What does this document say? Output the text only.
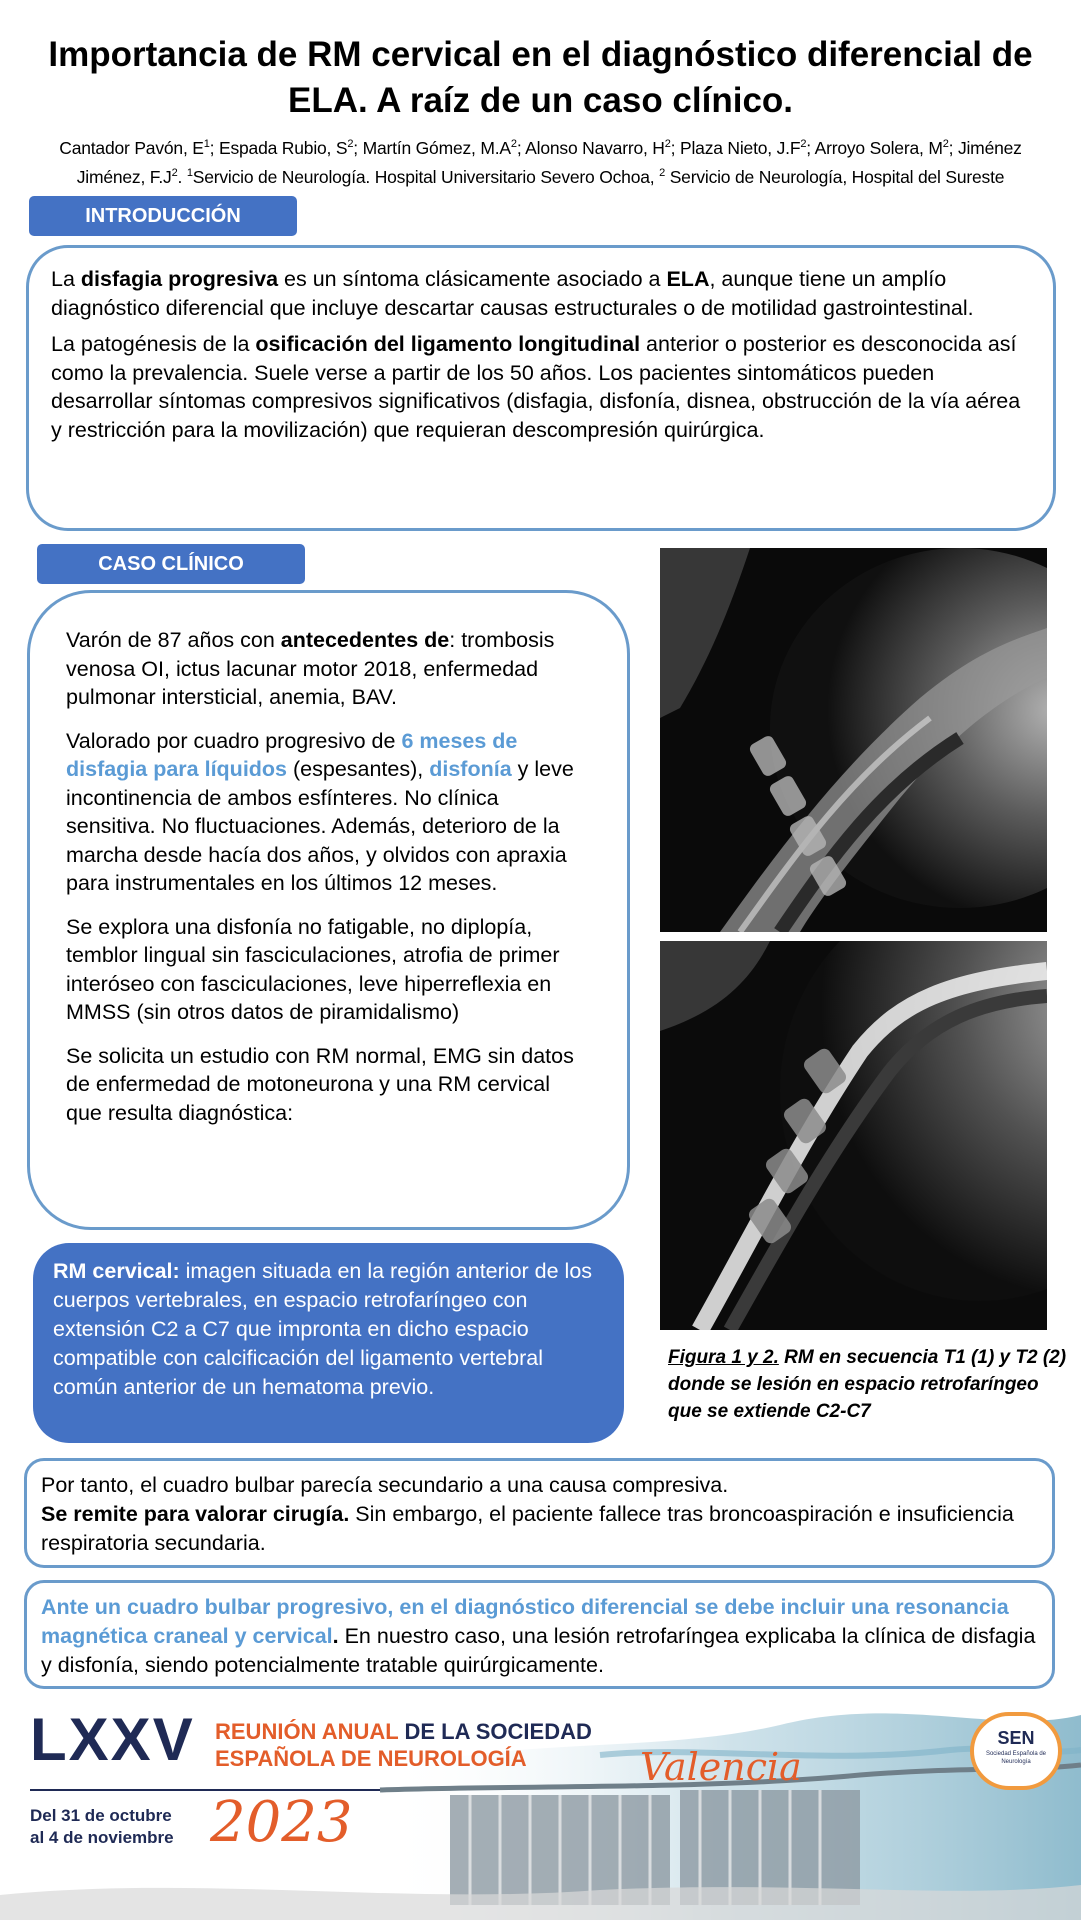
Importancia de RM cervical en el diagnóstico diferencial de
ELA. A raíz de un caso clínico.
Cantador Pavón, $E^1$; Espada Rubio, $S^2$; Martín Gómez, $M.A^2$; Alonso Navarro, $H^2$; Plaza Nieto, $J.F^2$; Arroyo Solera, $M^2$; Jiménez Jiménez, $F.J^2$. $^1$Servicio de Neurología. Hospital Universitario Severo Ochoa, $^2$ Servicio de Neurología, Hospital del Sureste
INTRODUCCIÓN

La disfagia progresiva es un síntoma clásicamente asociado a ELA, aunque tiene un amplío diagnóstico diferencial que incluye descartar causas estructurales o de motilidad gastrointestinal.

La patogénesis de la osificación del ligamento longitudinal anterior o posterior es desconocida así como la prevalencia. Suele verse a partir de los 50 años. Los pacientes sintomáticos pueden desarrollar síntomas compresivos significativos (disfagia, disfonía, disnea, obstrucción de la vía aérea y restricción para la movilización) que requieran descompresión quirúrgica.

CASO CLÍNICO

Varón de 87 años con antecedentes de: trombosis venosa OI, ictus lacunar motor 2018, enfermedad pulmonar intersticial, anemia, BAV.

Valorado por cuadro progresivo de 6 meses de disfagia para líquidos (espesantes), disfonía y leve incontinencia de ambos esfínteres. No clínica sensitiva. No fluctuaciones. Además, deterioro de la marcha desde hacía dos años, y olvidos con apraxia para instrumentales en los últimos 12 meses.

Se explora una disfonía no fatigable, no diplopía, temblor lingual sin fasciculaciones, atrofia de primer interóseo con fasciculaciones, leve hiperreflexia en MMSS (sin otros datos de piramidalismo)

Se solicita un estudio con RM normal, EMG sin datos de enfermedad de motoneurona y una RM cervical que resulta diagnóstica:

RM cervical: imagen situada en la región anterior de los cuerpos vertebrales, en espacio retrofaríngeo con extensión C2 a C7 que impronta en dicho espacio compatible con calcificación del ligamento vertebral común anterior de un hematoma previo.
Figura 1 y 2. RM en secuencia T1 (1) y T2 (2) donde se lesión en espacio retrofaríngeo que se extiende C2-C7
Por tanto, el cuadro bulbar parecía secundario a una causa compresiva.
Se remite para valorar cirugía. Sin embargo, el paciente fallece tras broncoaspiración e insuficiencia respiratoria secundaria.
Ante un cuadro bulbar progresivo, en el diagnóstico diferencial se debe incluir una resonancia magnética craneal y cervical. En nuestro caso, una lesión retrofaríngea explicaba la clínica de disfagia y disfonía, siendo potencialmente tratable quirúrgicamente.
LXXV REUNIÓN ANUAL DE LA SOCIEDAD
ESPAÑOLA DE NEUROLOGÍA
Del 31 de octubre
al 4 de noviembre 2023
Valencia
SEN
Sociedad Española de Neurología
